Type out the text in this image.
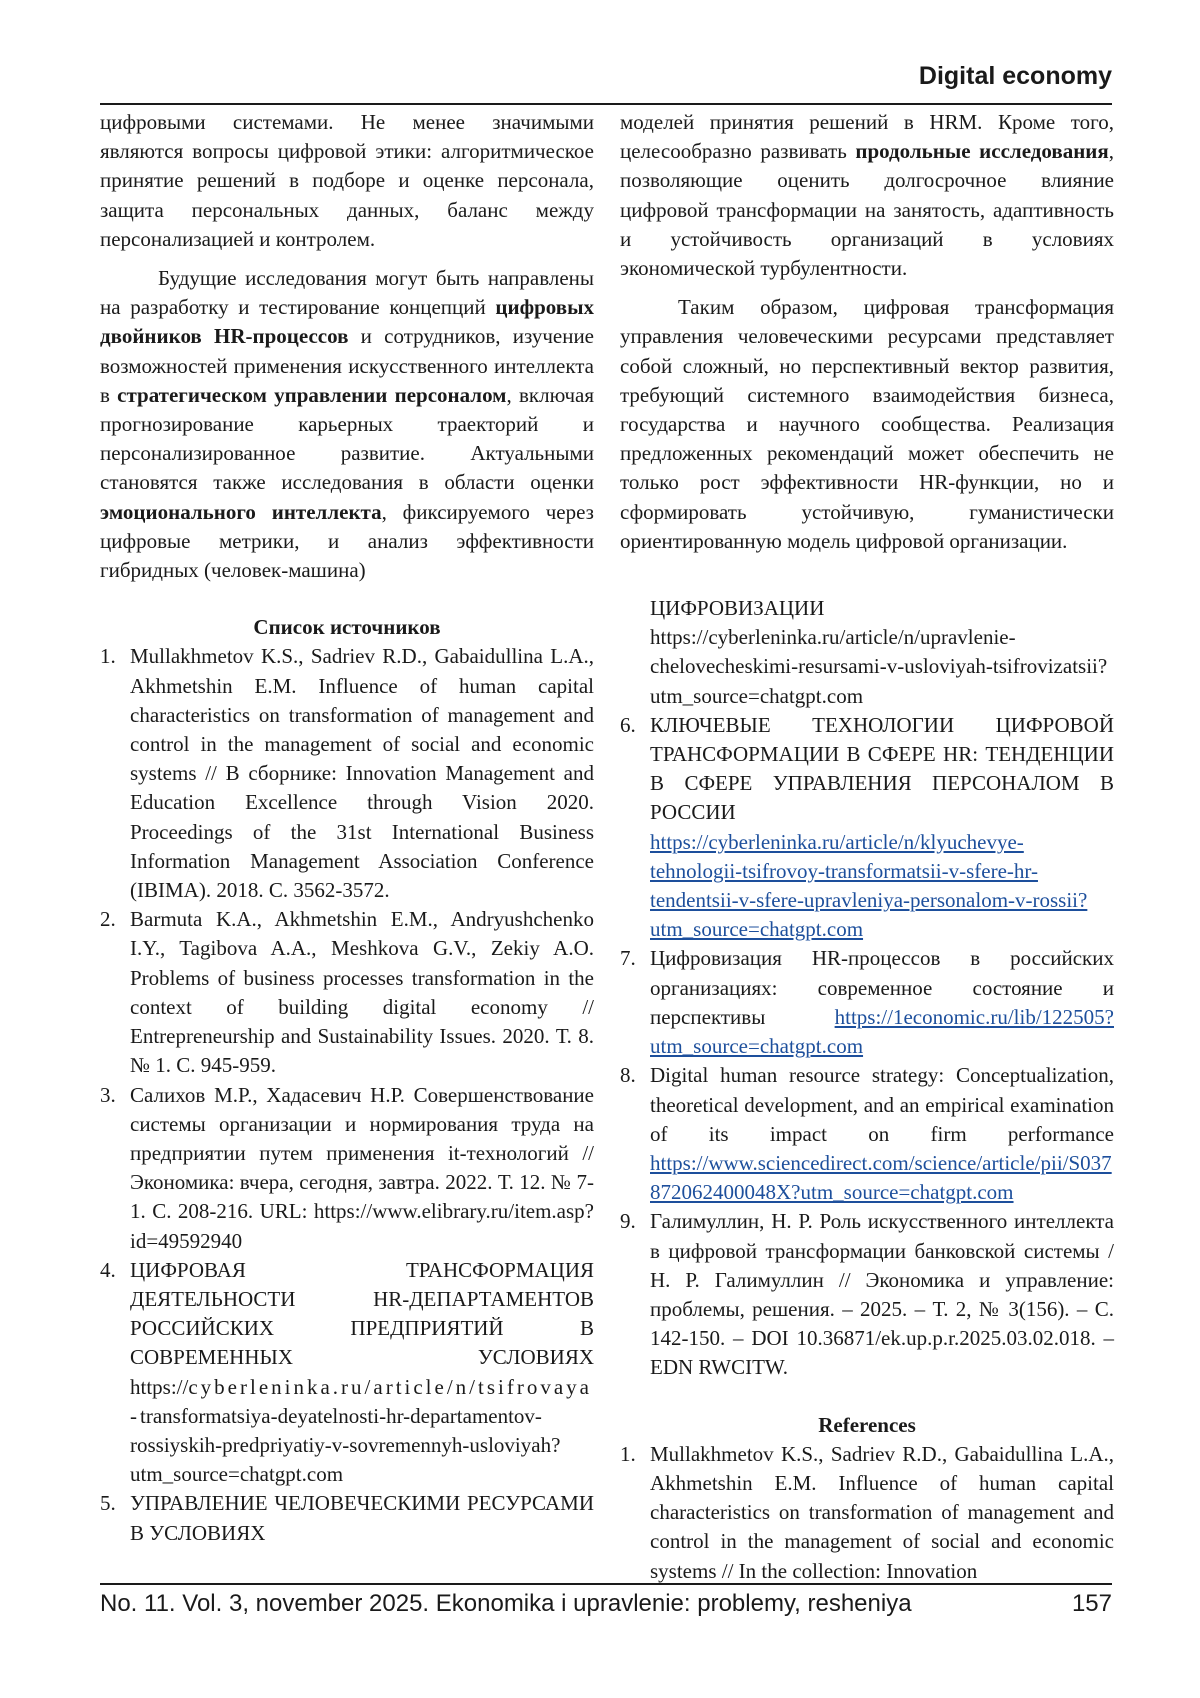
Digital economy

цифровыми системами. Не менее значимыми являются вопросы цифровой этики: алгоритмическое принятие решений в подборе и оценке персонала, защита персональных данных, баланс между персонализацией и контролем.

Будущие исследования могут быть направлены на разработку и тестирование концепций цифровых двойников HR-процессов и сотрудников, изучение возможностей применения искусственного интеллекта в стратегическом управлении персоналом, включая прогнозирование карьерных траекторий и персонализированное развитие. Актуальными становятся также исследования в области оценки эмоционального интеллекта, фиксируемого через цифровые метрики, и анализ эффективности гибридных (человек-машина)

Список источников
1. Mullakhmetov K.S., Sadriev R.D., Gabaidullina L.A., Akhmetshin E.M. Influence of human capital characteristics on transformation of management and control in the management of social and economic systems // В сборнике: Innovation Management and Education Excellence through Vision 2020. Proceedings of the 31st International Business Information Management Association Conference (IBIMA). 2018. С. 3562-3572.
2. Barmuta K.A., Akhmetshin E.M., Andryushchenko I.Y., Tagibova A.A., Meshkova G.V., Zekiy A.O. Problems of business processes transformation in the context of building digital economy // Entrepreneurship and Sustainability Issues. 2020. Т. 8. № 1. С. 945-959.
3. Салихов М.Р., Хадасевич Н.Р. Совершенствование системы организации и нормирования труда на предприятии путем применения it-технологий // Экономика: вчера, сегодня, завтра. 2022. Т. 12. № 7-1. С. 208-216. URL: https://www.elibrary.ru/item.asp?id=49592940
4. ЦИФРОВАЯ ТРАНСФОРМАЦИЯ ДЕЯТЕЛЬНОСТИ HR-ДЕПАРТАМЕНТОВ РОССИЙСКИХ ПРЕДПРИЯТИЙ В СОВРЕМЕННЫХ УСЛОВИЯХ https://cyberleninka.ru/article/n/tsifrovaya-transformatsiya-deyatelnosti-hr-departamentov-rossiyskih-predpriyatiy-v-sovremennyh-usloviyah?utm_source=chatgpt.com
5. УПРАВЛЕНИЕ ЧЕЛОВЕЧЕСКИМИ РЕСУРСАМИ В УСЛОВИЯХ

моделей принятия решений в HRM. Кроме того, целесообразно развивать продольные исследования, позволяющие оценить долгосрочное влияние цифровой трансформации на занятость, адаптивность и устойчивость организаций в условиях экономической турбулентности.

Таким образом, цифровая трансформация управления человеческими ресурсами представляет собой сложный, но перспективный вектор развития, требующий системного взаимодействия бизнеса, государства и научного сообщества. Реализация предложенных рекомендаций может обеспечить не только рост эффективности HR-функции, но и сформировать устойчивую, гуманистически ориентированную модель цифровой организации.

ЦИФРОВИЗАЦИИ https://cyberleninka.ru/article/n/upravlenie-chelovecheskimi-resursami-v-usloviyah-tsifrovizatsii?utm_source=chatgpt.com
6. КЛЮЧЕВЫЕ ТЕХНОЛОГИИ ЦИФРОВОЙ ТРАНСФОРМАЦИИ В СФЕРЕ HR: ТЕНДЕНЦИИ В СФЕРЕ УПРАВЛЕНИЯ ПЕРСОНАЛОМ В РОССИИ https://cyberleninka.ru/article/n/klyuchevye-tehnologii-tsifrovoy-transformatsii-v-sfere-hr-tendentsii-v-sfere-upravleniya-personalom-v-rossii?utm_source=chatgpt.com
7. Цифровизация HR-процессов в российских организациях: современное состояние и перспективы https://1economic.ru/lib/122505?utm_source=chatgpt.com
8. Digital human resource strategy: Conceptualization, theoretical development, and an empirical examination of its impact on firm performance https://www.sciencedirect.com/science/article/pii/S037872062400048X?utm_source=chatgpt.com
9. Галимуллин, Н. Р. Роль искусственного интеллекта в цифровой трансформации банковской системы / Н. Р. Галимуллин // Экономика и управление: проблемы, решения. – 2025. – Т. 2, № 3(156). – С. 142-150. – DOI 10.36871/ek.up.p.r.2025.03.02.018. – EDN RWCITW.
References
1. Mullakhmetov K.S., Sadriev R.D., Gabaidullina L.A., Akhmetshin E.M. Influence of human capital characteristics on transformation of management and control in the management of social and economic systems // In the collection: Innovation
No. 11. Vol. 3, november 2025. Ekonomika i upravlenie: problemy, resheniya	157
